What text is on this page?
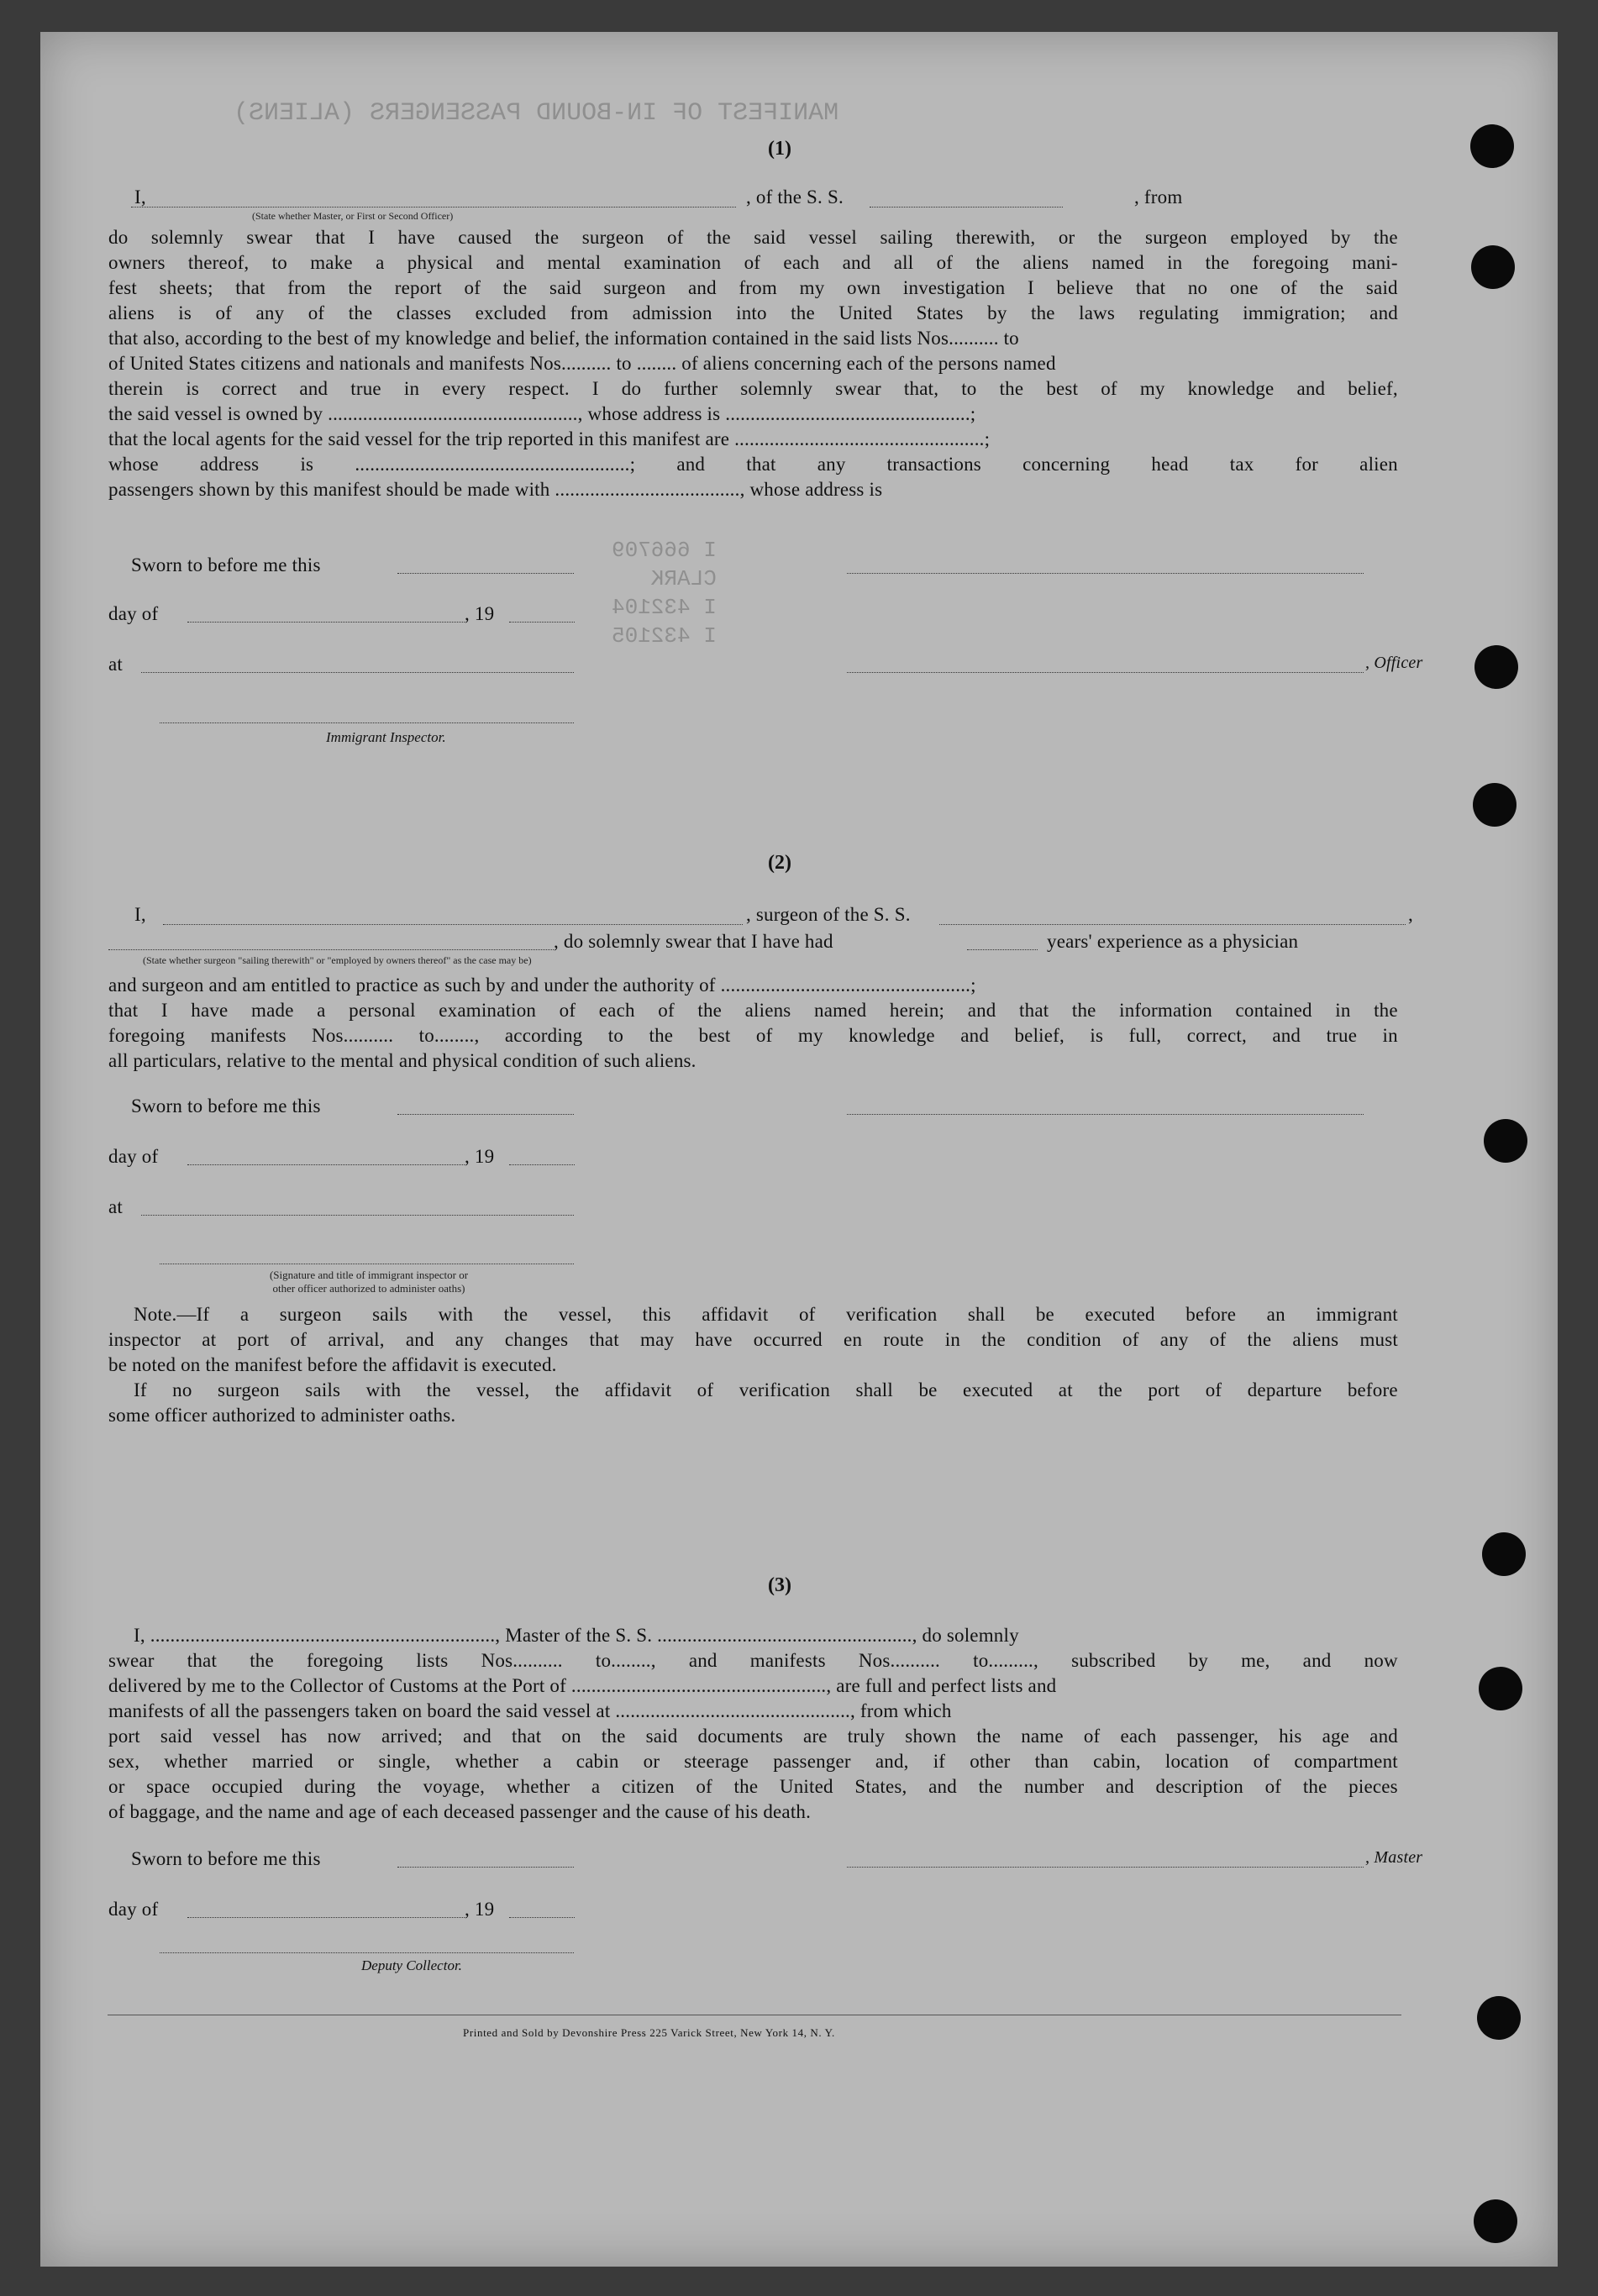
MANIFEST OF IN-BOUND PASSENGERS (ALIENS)
I 666709
CLARK
I 432104
I 432105
(1)
I,	, of the S. S.	, from
(State whether Master, or First or Second Officer)
do solemnly swear that I have caused the surgeon of the said vessel sailing therewith, or the surgeon employed by the
owners thereof, to make a physical and mental examination of each and all of the aliens named in the foregoing mani-
fest sheets; that from the report of the said surgeon and from my own investigation I believe that no one of the said
aliens is of any of the classes excluded from admission into the United States by the laws regulating immigration; and
that also, according to the best of my knowledge and belief, the information contained in the said lists Nos.......... to
of United States citizens and nationals and manifests Nos.......... to ........ of aliens concerning each of the persons named
therein is correct and true in every respect. I do further solemnly swear that, to the best of my knowledge and belief,
the said vessel is owned by .................................................., whose address is .................................................;
that the local agents for the said vessel for the trip reported in this manifest are ..................................................;
whose address is .......................................................; and that any transactions concerning head tax for alien
passengers shown by this manifest should be made with ....................................., whose address is
Sworn to before me this
day of	, 19
at	, Officer
Immigrant Inspector.
(2)
I,	, surgeon of the S. S.	,
, do solemnly swear that I have had	years' experience as a physician
(State whether surgeon "sailing therewith" or "employed by owners thereof" as the case may be)
and surgeon and am entitled to practice as such by and under the authority of ..................................................;
that I have made a personal examination of each of the aliens named herein; and that the information contained in the
foregoing manifests Nos.......... to........, according to the best of my knowledge and belief, is full, correct, and true in
all particulars, relative to the mental and physical condition of such aliens.
Sworn to before me this
day of	, 19
at
(Signature and title of immigrant inspector or
other officer authorized to administer oaths)
Note.—If a surgeon sails with the vessel, this affidavit of verification shall be executed before an immigrant
inspector at port of arrival, and any changes that may have occurred en route in the condition of any of the aliens must
be noted on the manifest before the affidavit is executed.
If no surgeon sails with the vessel, the affidavit of verification shall be executed at the port of departure before
some officer authorized to administer oaths.
(3)
I, ....................................................................., Master of the S. S. ..................................................., do solemnly
swear that the foregoing lists Nos.......... to........, and manifests Nos.......... to........., subscribed by me, and now
delivered by me to the Collector of Customs at the Port of ..................................................., are full and perfect lists and
manifests of all the passengers taken on board the said vessel at ..............................................., from which
port said vessel has now arrived; and that on the said documents are truly shown the name of each passenger, his age and
sex, whether married or single, whether a cabin or steerage passenger and, if other than cabin, location of compartment
or space occupied during the voyage, whether a citizen of the United States, and the number and description of the pieces
of baggage, and the name and age of each deceased passenger and the cause of his death.
Sworn to before me this	, Master
day of	, 19
Deputy Collector.
Printed and Sold by Devonshire Press 225 Varick Street, New York 14, N. Y.
